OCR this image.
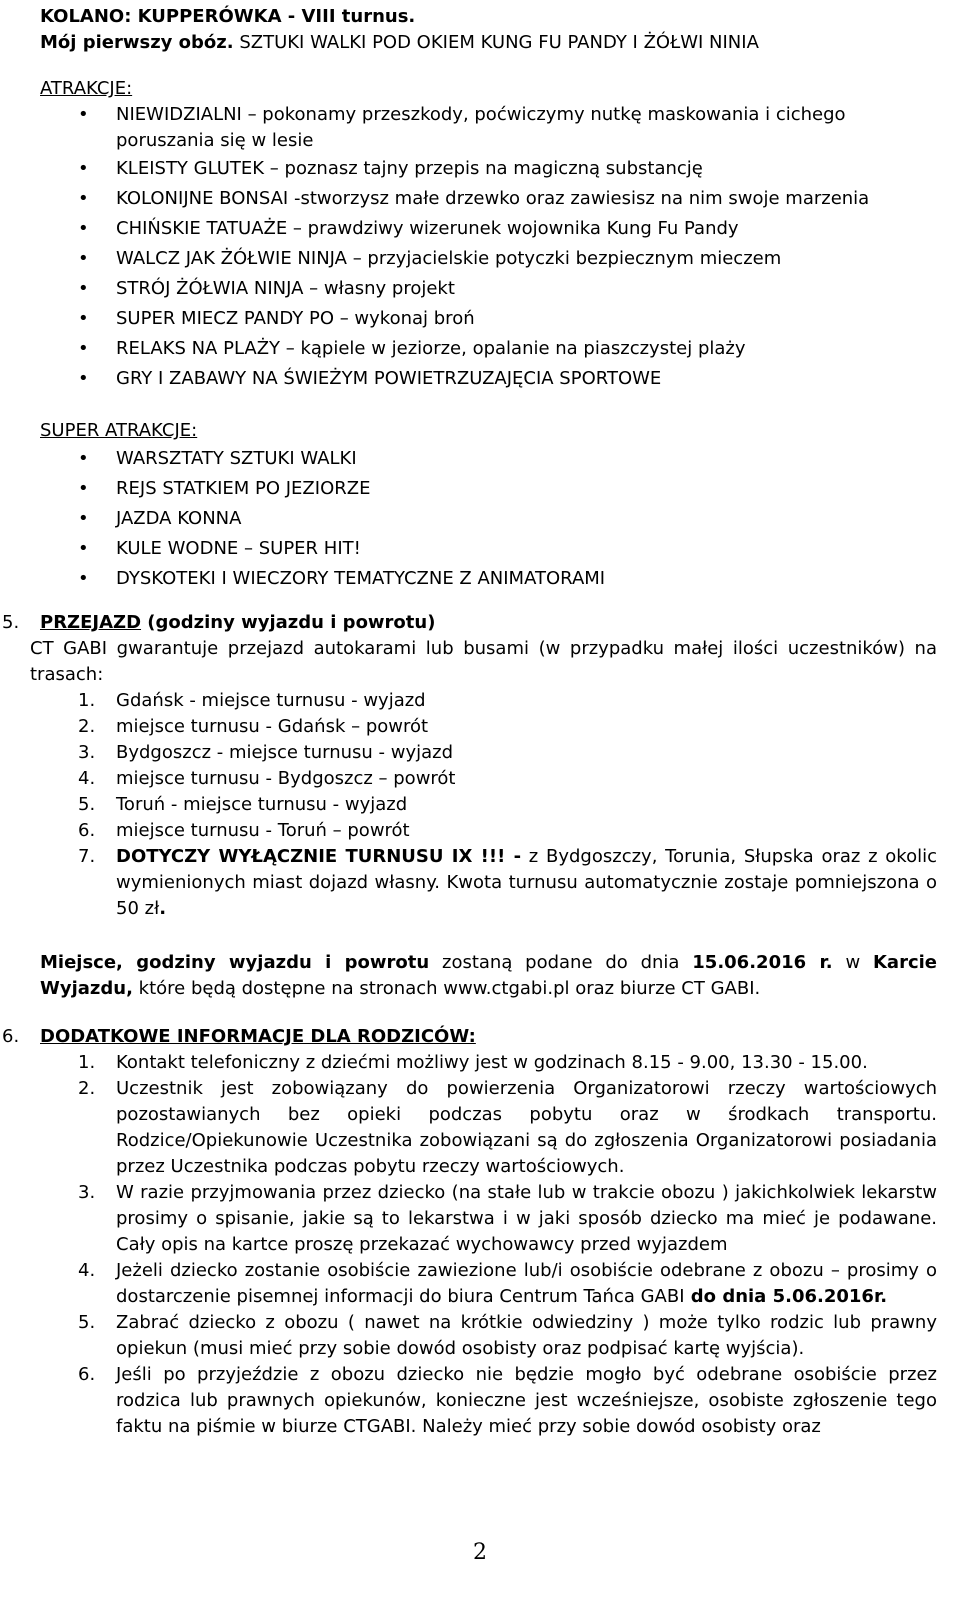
KOLANO: KUPPERÓWKA - VIII turnus.
Mój pierwszy obóz. SZTUKI WALKI POD OKIEM KUNG FU PANDY I ŻÓŁWI NINIA
ATRAKCJE:
• NIEWIDZIALNI – pokonamy przeszkody, poćwiczymy nutkę maskowania i cichego poruszania się w lesie
• KLEISTY GLUTEK – poznasz tajny przepis na magiczną substancję
• KOLONIJNE BONSAI -stworzysz małe drzewko oraz zawiesisz na nim swoje marzenia
• CHIŃSKIE TATUAŻE – prawdziwy wizerunek wojownika Kung Fu Pandy
• WALCZ JAK ŻÓŁWIE NINJA – przyjacielskie potyczki bezpiecznym mieczem
• STRÓJ ŻÓŁWIA NINJA – własny projekt
• SUPER MIECZ PANDY PO – wykonaj broń
• RELAKS NA PLAŻY – kąpiele w jeziorze, opalanie na piaszczystej plaży
• GRY I ZABAWY NA ŚWIEŻYM POWIETRZUZAJĘCIA SPORTOWE
SUPER ATRAKCJE:
• WARSZTATY SZTUKI WALKI
• REJS STATKIEM PO JEZIORZE
• JAZDA KONNA
• KULE WODNE – SUPER HIT!
• DYSKOTEKI I WIECZORY TEMATYCZNE Z ANIMATORAMI
5. PRZEJAZD (godziny wyjazdu i powrotu)
CT GABI gwarantuje przejazd autokarami lub busami (w przypadku małej ilości uczestników) na trasach:
1. Gdańsk - miejsce turnusu - wyjazd
2. miejsce turnusu - Gdańsk – powrót
3. Bydgoszcz - miejsce turnusu - wyjazd
4. miejsce turnusu - Bydgoszcz – powrót
5. Toruń - miejsce turnusu - wyjazd
6. miejsce turnusu - Toruń – powrót
7. DOTYCZY WYŁĄCZNIE TURNUSU IX !!! - z Bydgoszczy, Torunia, Słupska oraz z okolic wymienionych miast dojazd własny. Kwota turnusu automatycznie zostaje pomniejszona o 50 zł.
Miejsce, godziny wyjazdu i powrotu zostaną podane do dnia 15.06.2016 r. w Karcie Wyjazdu, które będą dostępne na stronach www.ctgabi.pl oraz biurze CT GABI.
6. DODATKOWE INFORMACJE DLA RODZICÓW:
1. Kontakt telefoniczny z dziećmi możliwy jest w godzinach 8.15 - 9.00, 13.30 - 15.00.
2. Uczestnik jest zobowiązany do powierzenia Organizatorowi rzeczy wartościowych pozostawianych bez opieki podczas pobytu oraz w środkach transportu. Rodzice/Opiekunowie Uczestnika zobowiązani są do zgłoszenia Organizatorowi posiadania przez Uczestnika podczas pobytu rzeczy wartościowych.
3. W razie przyjmowania przez dziecko (na stałe lub w trakcie obozu ) jakichkolwiek lekarstw prosimy o spisanie, jakie są to lekarstwa i w jaki sposób dziecko ma mieć je podawane. Cały opis na kartce proszę przekazać wychowawcy przed wyjazdem
4. Jeżeli dziecko zostanie osobiście zawiezione lub/i osobiście odebrane z obozu – prosimy o dostarczenie pisemnej informacji do biura Centrum Tańca GABI do dnia 5.06.2016r.
5. Zabrać dziecko z obozu ( nawet na krótkie odwiedziny ) może tylko rodzic lub prawny opiekun (musi mieć przy sobie dowód osobisty oraz podpisać kartę wyjścia).
6. Jeśli po przyjeździe z obozu dziecko nie będzie mogło być odebrane osobiście przez rodzica lub prawnych opiekunów, konieczne jest wcześniejsze, osobiste zgłoszenie tego faktu na piśmie w biurze CTGABI. Należy mieć przy sobie dowód osobisty oraz
2
